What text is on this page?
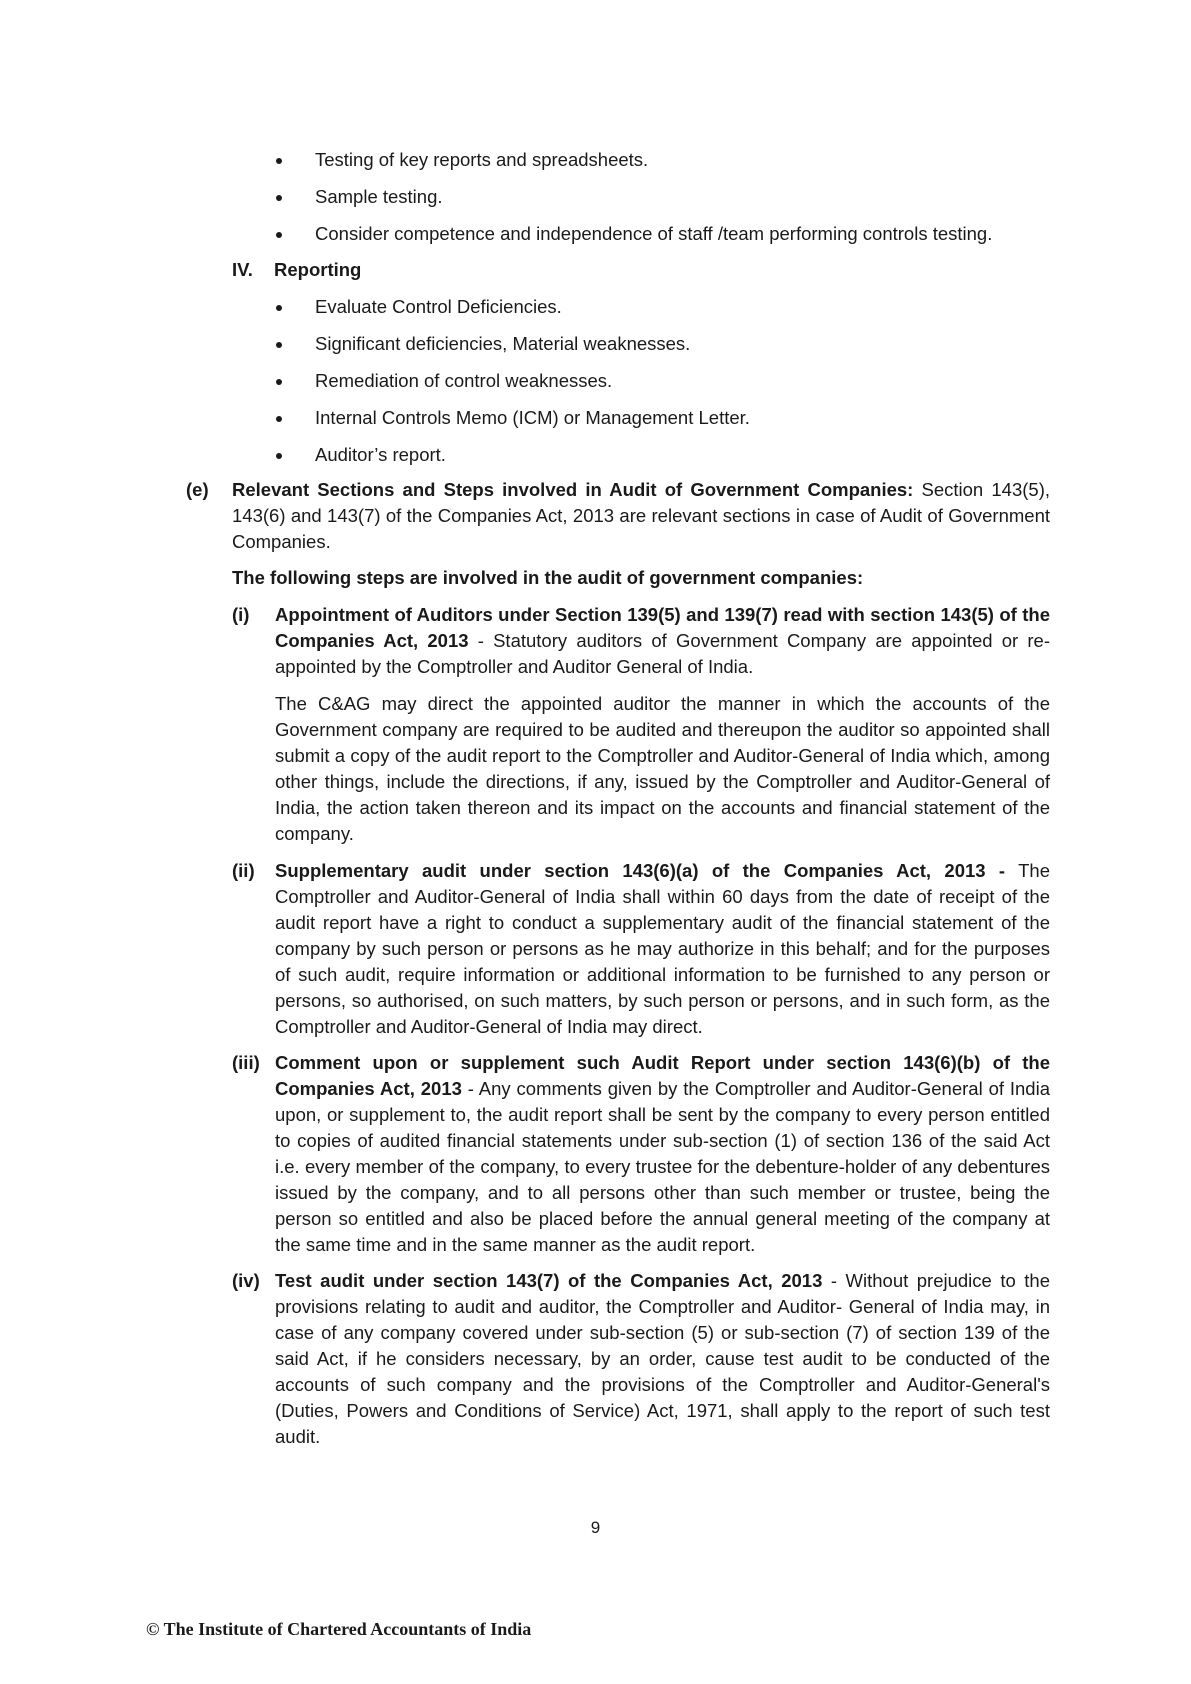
Testing of key reports and spreadsheets.
Sample testing.
Consider competence and independence of staff /team performing controls testing.
IV. Reporting
Evaluate Control Deficiencies.
Significant deficiencies, Material weaknesses.
Remediation of control weaknesses.
Internal Controls Memo (ICM) or Management Letter.
Auditor’s report.
(e) Relevant Sections and Steps involved in Audit of Government Companies: Section 143(5), 143(6) and 143(7) of the Companies Act, 2013 are relevant sections in case of Audit of Government Companies.
The following steps are involved in the audit of government companies:
(i) Appointment of Auditors under Section 139(5) and 139(7) read with section 143(5) of the Companies Act, 2013 - Statutory auditors of Government Company are appointed or re-appointed by the Comptroller and Auditor General of India.
The C&AG may direct the appointed auditor the manner in which the accounts of the Government company are required to be audited and thereupon the auditor so appointed shall submit a copy of the audit report to the Comptroller and Auditor-General of India which, among other things, include the directions, if any, issued by the Comptroller and Auditor-General of India, the action taken thereon and its impact on the accounts and financial statement of the company.
(ii) Supplementary audit under section 143(6)(a) of the Companies Act, 2013 - The Comptroller and Auditor-General of India shall within 60 days from the date of receipt of the audit report have a right to conduct a supplementary audit of the financial statement of the company by such person or persons as he may authorize in this behalf; and for the purposes of such audit, require information or additional information to be furnished to any person or persons, so authorised, on such matters, by such person or persons, and in such form, as the Comptroller and Auditor-General of India may direct.
(iii) Comment upon or supplement such Audit Report under section 143(6)(b) of the Companies Act, 2013 - Any comments given by the Comptroller and Auditor-General of India upon, or supplement to, the audit report shall be sent by the company to every person entitled to copies of audited financial statements under sub-section (1) of section 136 of the said Act i.e. every member of the company, to every trustee for the debenture-holder of any debentures issued by the company, and to all persons other than such member or trustee, being the person so entitled and also be placed before the annual general meeting of the company at the same time and in the same manner as the audit report.
(iv) Test audit under section 143(7) of the Companies Act, 2013 - Without prejudice to the provisions relating to audit and auditor, the Comptroller and Auditor- General of India may, in case of any company covered under sub-section (5) or sub-section (7) of section 139 of the said Act, if he considers necessary, by an order, cause test audit to be conducted of the accounts of such company and the provisions of the Comptroller and Auditor-General's (Duties, Powers and Conditions of Service) Act, 1971, shall apply to the report of such test audit.
9
© The Institute of Chartered Accountants of India
